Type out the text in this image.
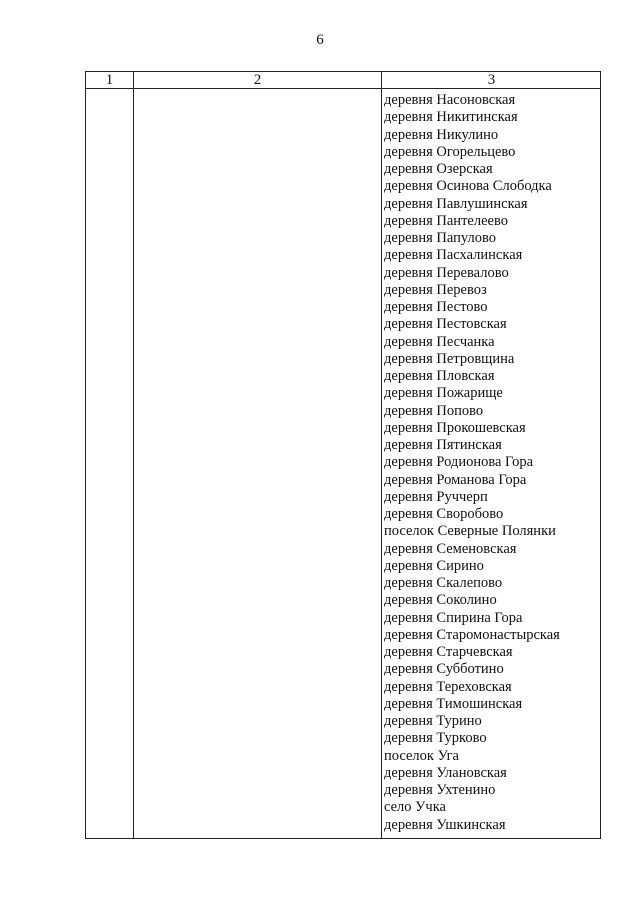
6
1	2	3
деревня Насоновская
деревня Никитинская
деревня Никулино
деревня Огорельцево
деревня Озерская
деревня Осинова Слободка
деревня Павлушинская
деревня Пантелеево
деревня Папулово
деревня Пасхалинская
деревня Перевалово
деревня Перевоз
деревня Пестово
деревня Пестовская
деревня Песчанка
деревня Петровщина
деревня Пловская
деревня Пожарище
деревня Попово
деревня Прокошевская
деревня Пятинская
деревня Родионова Гора
деревня Романова Гора
деревня Руччерп
деревня Своробово
поселок Северные Полянки
деревня Семеновская
деревня Сирино
деревня Скалепово
деревня Соколино
деревня Спирина Гора
деревня Старомонастырская
деревня Старчевская
деревня Субботино
деревня Тереховская
деревня Тимошинская
деревня Турино
деревня Турково
поселок Уга
деревня Улановская
деревня Ухтенино
село Учка
деревня Ушкинская
